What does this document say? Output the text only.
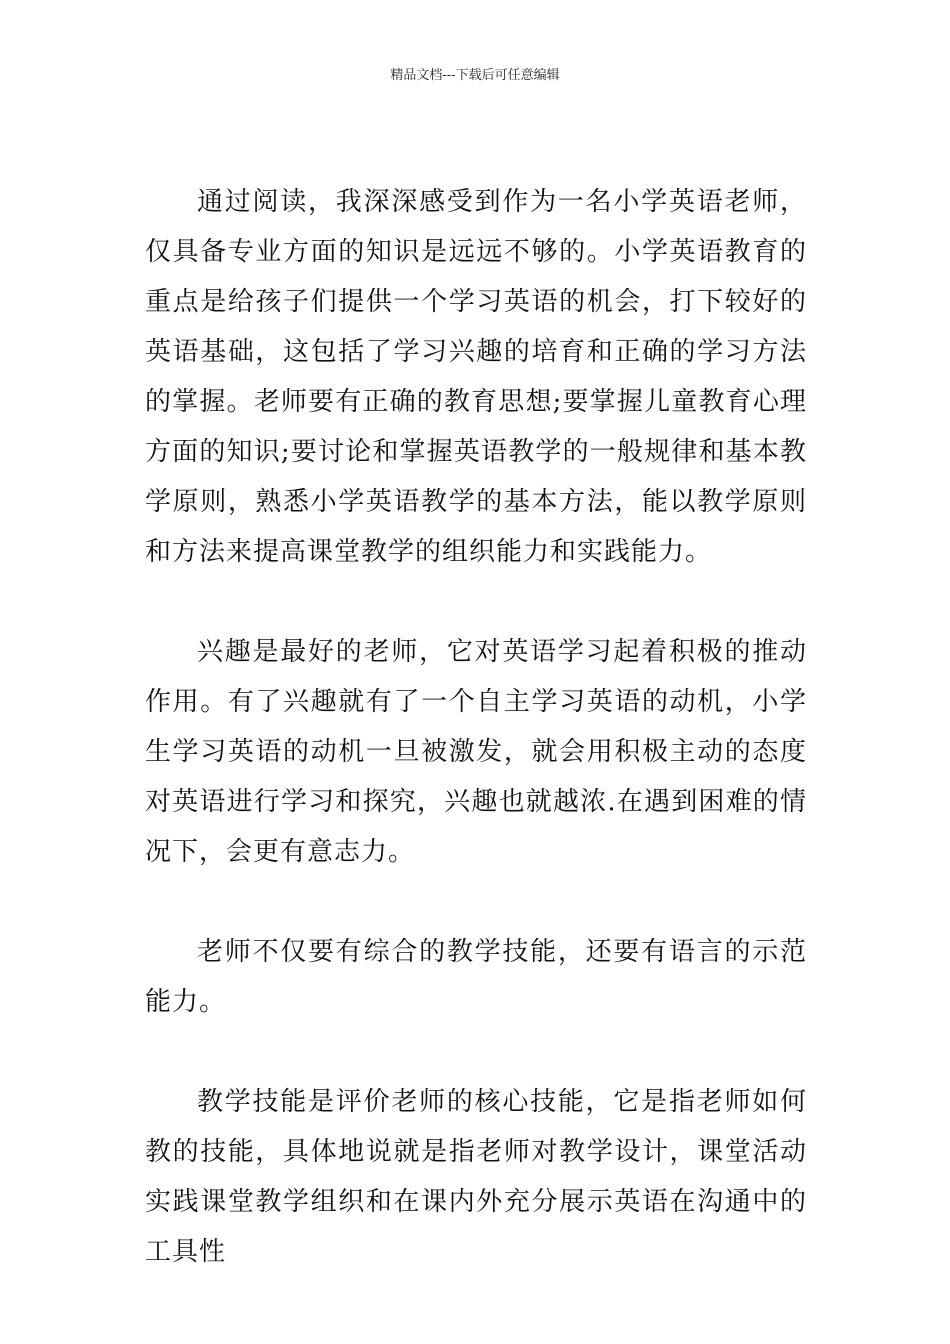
精品文档---下载后可任意编辑

通过阅读，我深深感受到作为一名小学英语老师，仅具备专业方面的知识是远远不够的。小学英语教育的重点是给孩子们提供一个学习英语的机会，打下较好的英语基础，这包括了学习兴趣的培育和正确的学习方法的掌握。老师要有正确的教育思想;要掌握儿童教育心理方面的知识;要讨论和掌握英语教学的一般规律和基本教学原则，熟悉小学英语教学的基本方法，能以教学原则和方法来提高课堂教学的组织能力和实践能力。

兴趣是最好的老师，它对英语学习起着积极的推动作用。有了兴趣就有了一个自主学习英语的动机，小学生学习英语的动机一旦被激发，就会用积极主动的态度对英语进行学习和探究，兴趣也就越浓.在遇到困难的情况下，会更有意志力。

老师不仅要有综合的教学技能，还要有语言的示范能力。

教学技能是评价老师的核心技能，它是指老师如何教的技能，具体地说就是指老师对教学设计，课堂活动实践课堂教学组织和在课内外充分展示英语在沟通中的工具性
